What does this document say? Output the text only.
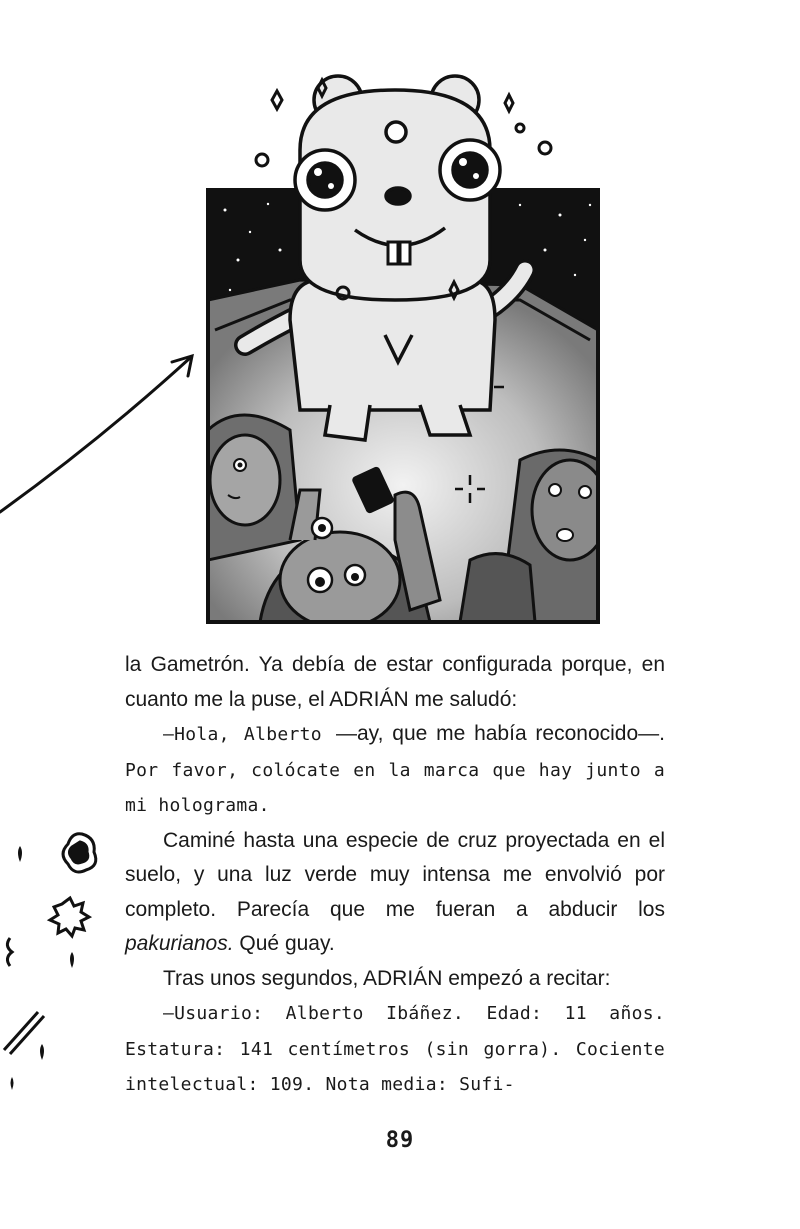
la Gametrón. Ya debía de estar configurada porque, en cuanto me la puse, el ADRIÁN me saludó:

—Hola, Alberto —ay, que me había reconocido—. Por favor, colócate en la marca que hay junto a mi holograma.

Caminé hasta una especie de cruz proyectada en el suelo, y una luz verde muy intensa me envolvió por completo. Parecía que me fueran a abducir los pakurianos. Qué guay.

Tras unos segundos, ADRIÁN empezó a recitar:

—Usuario: Alberto Ibáñez. Edad: 11 años. Estatura: 141 centímetros (sin gorra). Cociente intelectual: 109. Nota media: Sufi-

89
